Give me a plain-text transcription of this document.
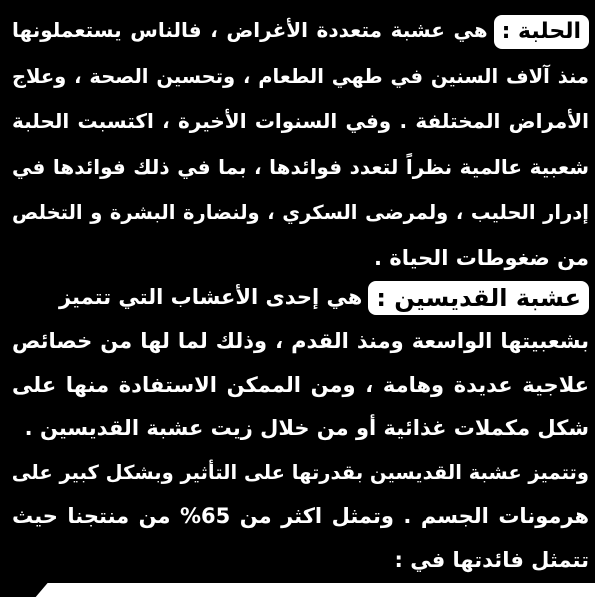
الحلبة :هي عشبة متعددة الأغراض ، فالناس يستعملونها
منذ آلاف السنين في طهي الطعام ، وتحسين الصحة ، وعلاج
الأمراض المختلفة . وفي السنوات الأخيرة ، اكتسبت الحلبة
شعبية عالمية نظراً لتعدد فوائدها ، بما في ذلك فوائدها في
إدرار الحليب ، ولمرضى السكري ، ولنضارة البشرة و التخلص
من ضغوطات الحياة .
عشبة القديسين :هي إحدى الأعشاب التي تتميز
بشعبيتها الواسعة ومنذ القدم ، وذلك لما لها من خصائص
علاجية عديدة وهامة ، ومن الممكن الاستفادة منها على
شكل مكملات غذائية أو من خلال زيت عشبة القديسين .
وتتميز عشبة القديسين بقدرتها على التأثير وبشكل كبير على
هرمونات الجسم . وتمثل اكثر من 65% من منتجنا حيث
تتمثل فائدتها في :
